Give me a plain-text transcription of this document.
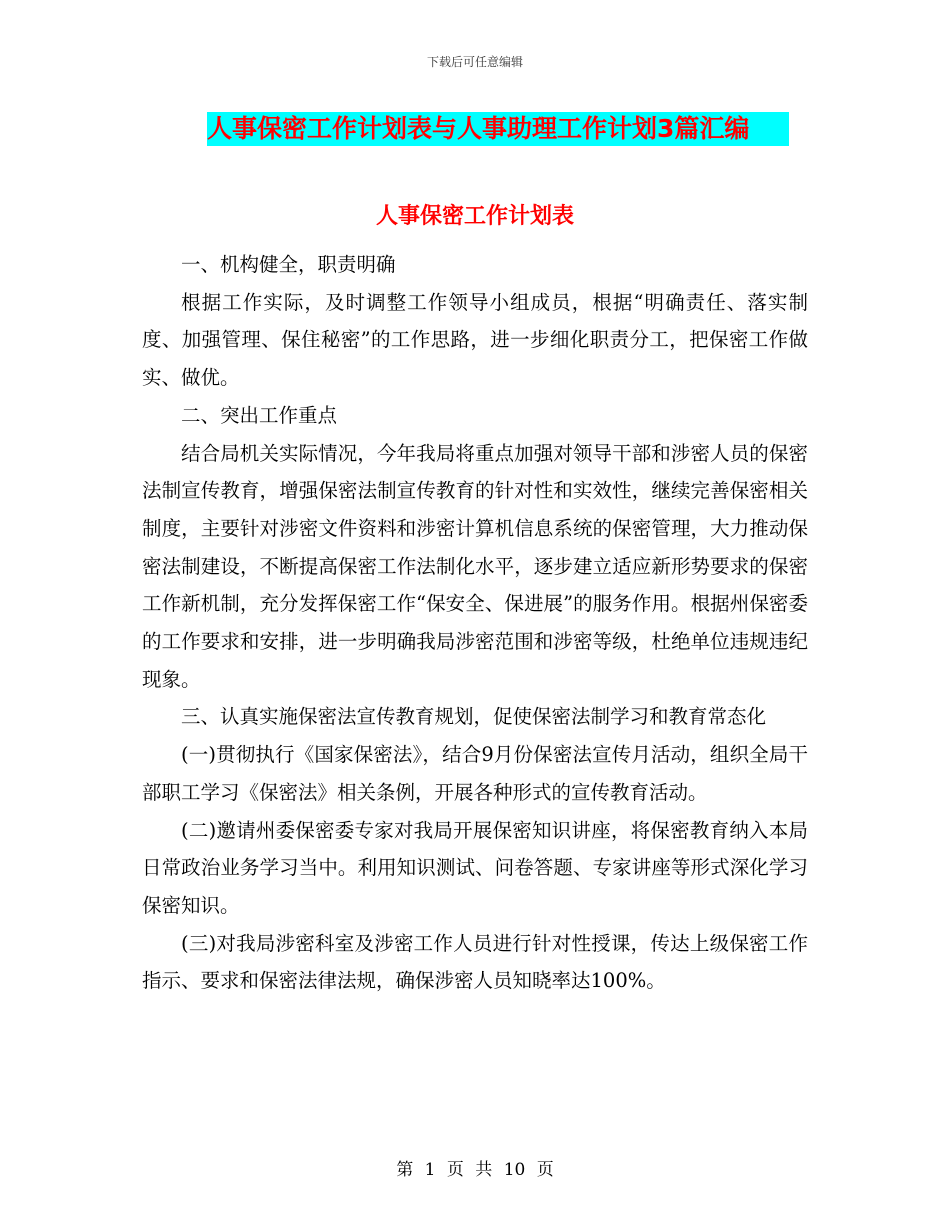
下载后可任意编辑
人事保密工作计划表与人事助理工作计划3篇汇编
人事保密工作计划表

一、机构健全，职责明确

根据工作实际，及时调整工作领导小组成员，根据“明确责任、落实制度、加强管理、保住秘密”的工作思路，进一步细化职责分工，把保密工作做实、做优。

二、突出工作重点

结合局机关实际情况，今年我局将重点加强对领导干部和涉密人员的保密法制宣传教育，增强保密法制宣传教育的针对性和实效性，继续完善保密相关制度，主要针对涉密文件资料和涉密计算机信息系统的保密管理，大力推动保密法制建设，不断提高保密工作法制化水平，逐步建立适应新形势要求的保密工作新机制，充分发挥保密工作“保安全、保进展”的服务作用。根据州保密委的工作要求和安排，进一步明确我局涉密范围和涉密等级，杜绝单位违规违纪现象。

三、认真实施保密法宣传教育规划，促使保密法制学习和教育常态化

(一)贯彻执行《国家保密法》，结合9月份保密法宣传月活动，组织全局干部职工学习《保密法》相关条例，开展各种形式的宣传教育活动。

(二)邀请州委保密委专家对我局开展保密知识讲座，将保密教育纳入本局日常政治业务学习当中。利用知识测试、问卷答题、专家讲座等形式深化学习保密知识。

(三)对我局涉密科室及涉密工作人员进行针对性授课，传达上级保密工作指示、要求和保密法律法规，确保涉密人员知晓率达100%。

第 1 页 共 10 页
